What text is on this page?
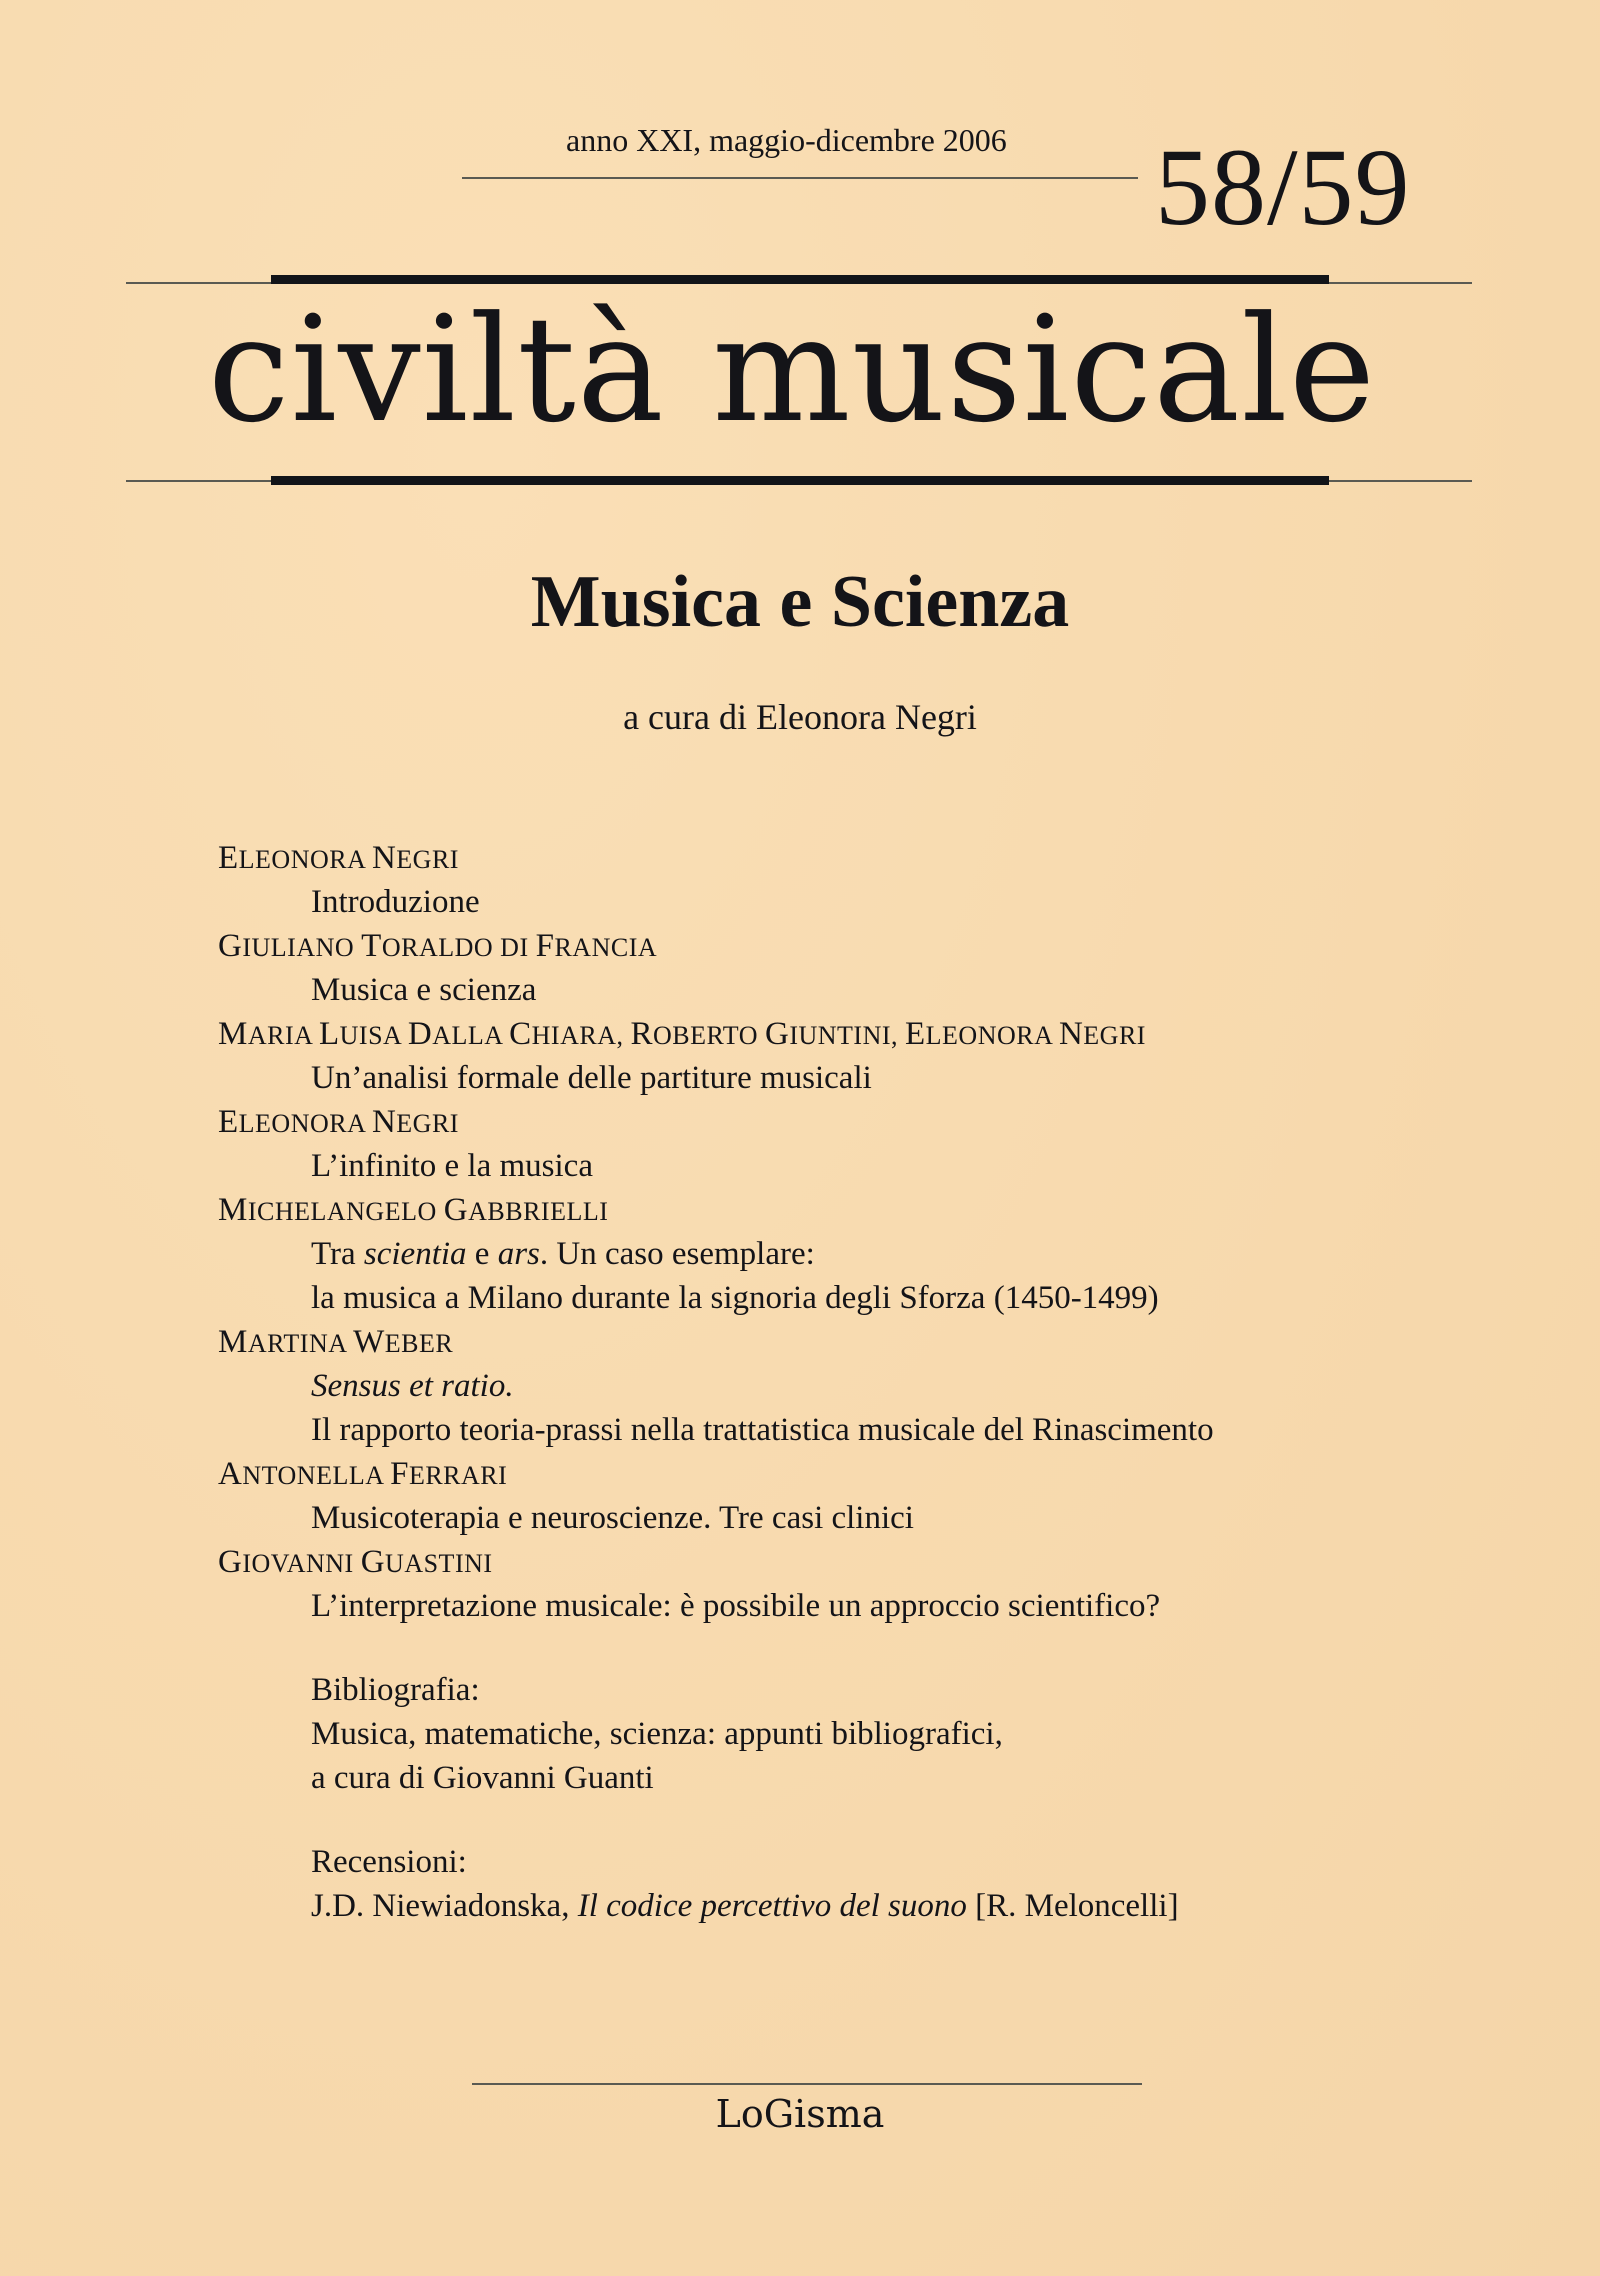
anno XXI, maggio-dicembre 2006 58/59
civiltà musicale
Musica e Scienza
a cura di Eleonora Negri
ELEONORA NEGRI
Introduzione
GIULIANO TORALDO DI FRANCIA
Musica e scienza
MARIA LUISA DALLA CHIARA, ROBERTO GIUNTINI, ELEONORA NEGRI
Un’analisi formale delle partiture musicali
ELEONORA NEGRI
L’infinito e la musica
MICHELANGELO GABBRIELLI
Tra scientia e ars. Un caso esemplare:
la musica a Milano durante la signoria degli Sforza (1450-1499)
MARTINA WEBER
Sensus et ratio.
Il rapporto teoria-prassi nella trattatistica musicale del Rinascimento
ANTONELLA FERRARI
Musicoterapia e neuroscienze. Tre casi clinici
GIOVANNI GUASTINI
L’interpretazione musicale: è possibile un approccio scientifico?
Bibliografia:
Musica, matematiche, scienza: appunti bibliografici,
a cura di Giovanni Guanti
Recensioni:
J.D. Niewiadonska, Il codice percettivo del suono [R. Meloncelli]
LoGisma
